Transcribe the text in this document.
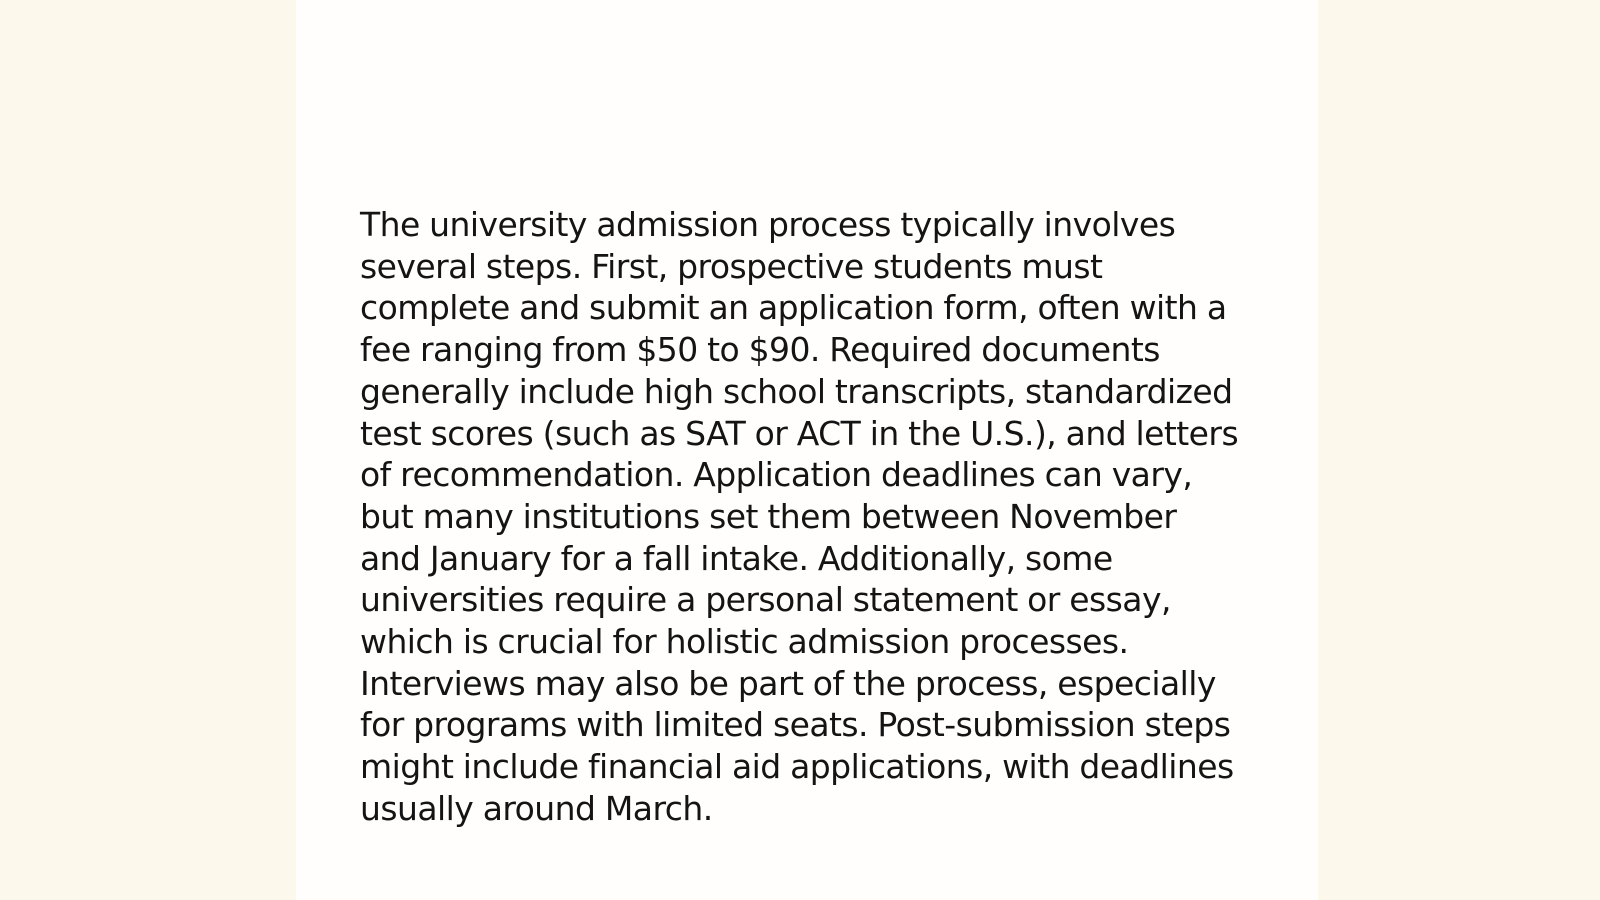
The university admission process typically involves several steps. First, prospective students must complete and submit an application form, often with a fee ranging from $50 to $90. Required documents generally include high school transcripts, standardized test scores (such as SAT or ACT in the U.S.), and letters of recommendation. Application deadlines can vary, but many institutions set them between November and January for a fall intake. Additionally, some universities require a personal statement or essay, which is crucial for holistic admission processes. Interviews may also be part of the process, especially for programs with limited seats. Post-submission steps might include financial aid applications, with deadlines usually around March.
